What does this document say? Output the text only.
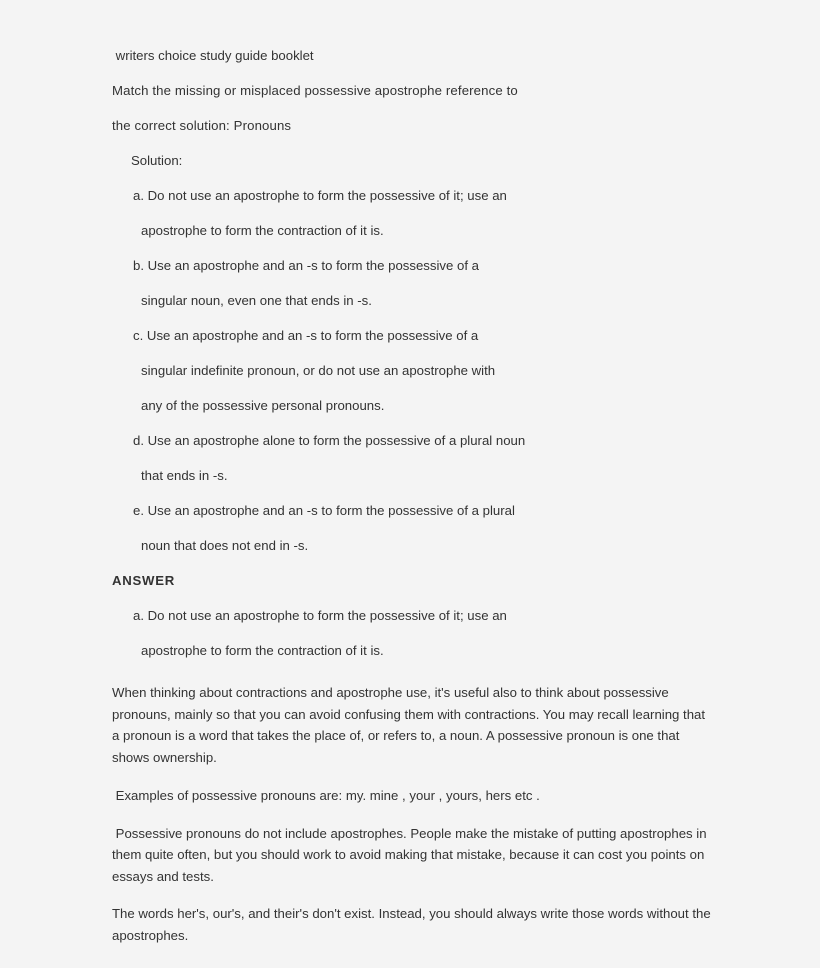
writers choice study guide booklet
Match the missing or misplaced possessive apostrophe reference to
the correct solution: Pronouns
Solution:
a. Do not use an apostrophe to form the possessive of it; use an
apostrophe to form the contraction of it is.
b. Use an apostrophe and an -s to form the possessive of a
singular noun, even one that ends in -s.
c. Use an apostrophe and an -s to form the possessive of a
singular indefinite pronoun, or do not use an apostrophe with
any of the possessive personal pronouns.
d. Use an apostrophe alone to form the possessive of a plural noun
that ends in -s.
e. Use an apostrophe and an -s to form the possessive of a plural
noun that does not end in -s.
ANSWER
a. Do not use an apostrophe to form the possessive of it; use an
apostrophe to form the contraction of it is.
When thinking about contractions and apostrophe use, it's useful also to think about possessive pronouns, mainly so that you can avoid confusing them with contractions. You may recall learning that a pronoun is a word that takes the place of, or refers to, a noun. A possessive pronoun is one that shows ownership.
Examples of possessive pronouns are: my. mine , your , yours, hers etc .
Possessive pronouns do not include apostrophes. People make the mistake of putting apostrophes in them quite often, but you should work to avoid making that mistake, because it can cost you points on essays and tests.
The words her's, our's, and their's don't exist. Instead, you should always write those words without the apostrophes.
